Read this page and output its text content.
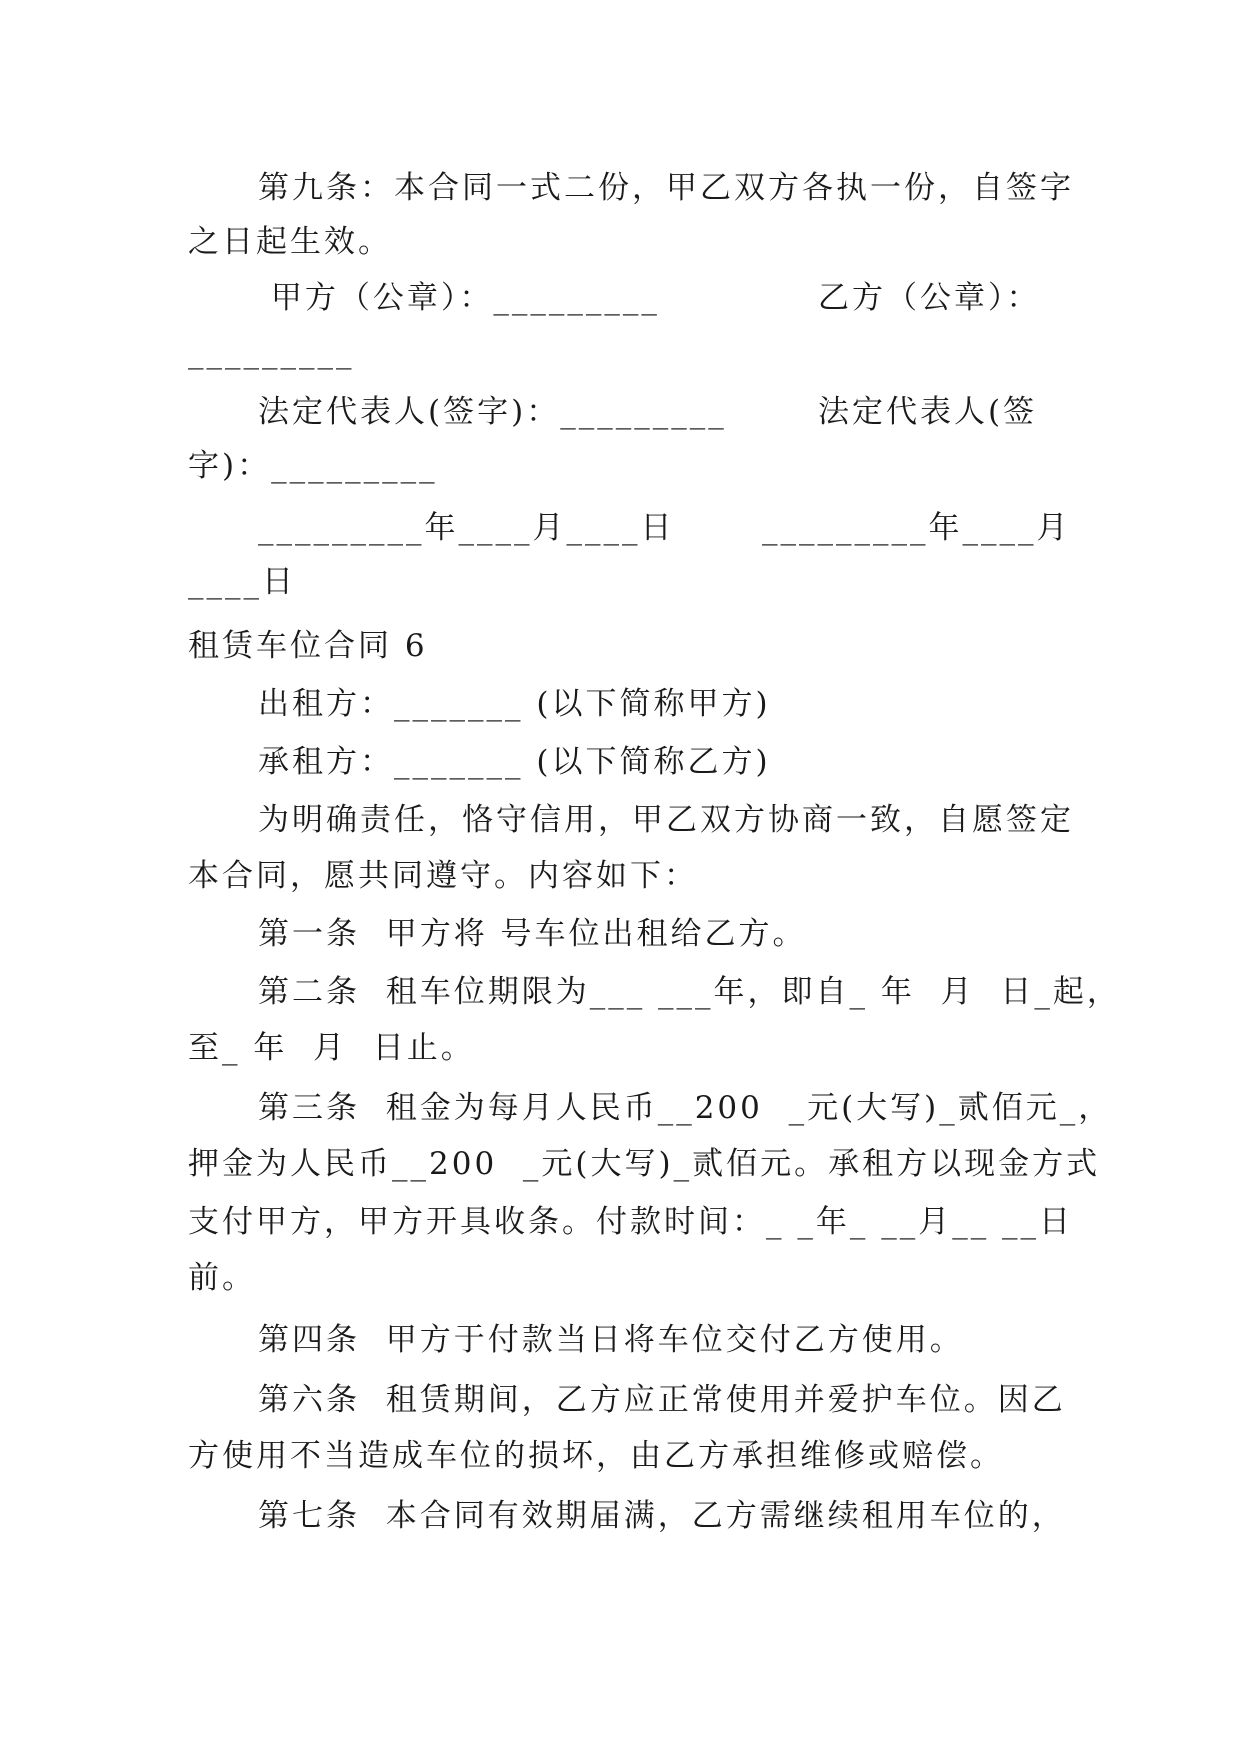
第九条：本合同一式二份，甲乙双方各执一份，自签字
之日起生效。
甲方（公章）：_________	乙方（公章）：
_________
法定代表人(签字)：_________	法定代表人(签
字)：_________
_________年____月____日	_________年____月
____日
租赁车位合同 6
出租方：_______ (以下简称甲方)
承租方：_______ (以下简称乙方)
为明确责任，恪守信用，甲乙双方协商一致，自愿签定
本合同，愿共同遵守。内容如下：
第一条  甲方将 号车位出租给乙方。
第二条  租车位期限为___ ___年，即自_ 年  月  日_起，
至_ 年  月  日止。
第三条  租金为每月人民币__200  _元(大写)_贰佰元_，
押金为人民币__200  _元(大写)_贰佰元。承租方以现金方式
支付甲方，甲方开具收条。付款时间：_ _年_ __月__ __日
前。
第四条  甲方于付款当日将车位交付乙方使用。
第六条  租赁期间，乙方应正常使用并爱护车位。因乙
方使用不当造成车位的损坏，由乙方承担维修或赔偿。
第七条  本合同有效期届满，乙方需继续租用车位的，
